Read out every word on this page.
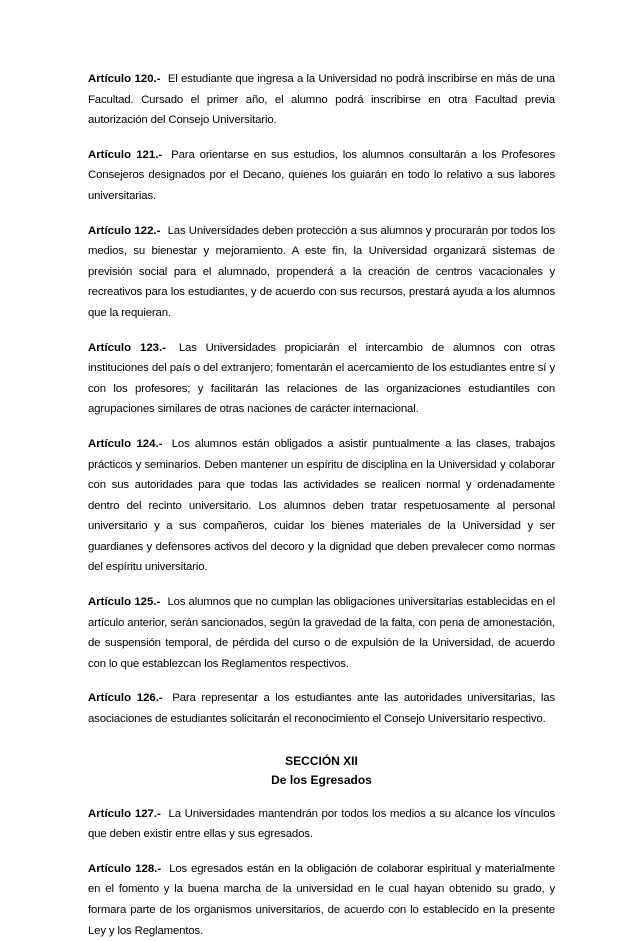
Artículo 120.- El estudiante que ingresa a la Universidad no podrá inscribirse en más de una Facultad. Cursado el primer año, el alumno podrá inscribirse en otra Facultad previa autorización del Consejo Universitario.

Artículo 121.- Para orientarse en sus estudios, los alumnos consultarán a los Profesores Consejeros designados por el Decano, quienes los guiarán en todo lo relativo a sus labores universitarias.

Artículo 122.- Las Universidades deben protección a sus alumnos y procurarán por todos los medios, su bienestar y mejoramiento. A este fin, la Universidad organizará sistemas de previsión social para el alumnado, propenderá a la creación de centros vacacionales y recreativos para los estudiantes, y de acuerdo con sus recursos, prestará ayuda a los alumnos que la requieran.

Artículo 123.- Las Universidades propiciarán el intercambio de alumnos con otras instituciones del país o del extranjero; fomentarán el acercamiento de los estudiantes entre sí y con los profesores; y facilitarán las relaciones de las organizaciones estudiantiles con agrupaciones similares de otras naciones de carácter internacional.

Artículo 124.- Los alumnos están obligados a asistir puntualmente a las clases, trabajos prácticos y seminarios. Deben mantener un espíritu de disciplina en la Universidad y colaborar con sus autoridades para que todas las actividades se realicen normal y ordenadamente dentro del recinto universitario. Los alumnos deben tratar respetuosamente al personal universitario y a sus compañeros, cuidar los bienes materiales de la Universidad y ser guardianes y defensores activos del decoro y la dignidad que deben prevalecer como normas del espíritu universitario.

Artículo 125.- Los alumnos que no cumplan las obligaciones universitarias establecidas en el artículo anterior, serán sancionados, según la gravedad de la falta, con pena de amonestación, de suspensión temporal, de pérdida del curso o de expulsión de la Universidad, de acuerdo con lo que establezcan los Reglamentos respectivos.

Artículo 126.- Para representar a los estudiantes ante las autoridades universitarias, las asociaciones de estudiantes solicitarán el reconocimiento el Consejo Universitario respectivo.

SECCIÓN XII
De los Egresados

Artículo 127.- La Universidades mantendrán por todos los medios a su alcance los vínculos que deben existir entre ellas y sus egresados.

Artículo 128.- Los egresados están en la obligación de colaborar espiritual y materialmente en el fomento y la buena marcha de la universidad en le cual hayan obtenido su grado, y formara parte de los organismos universitarios, de acuerdo con lo establecido en la presente Ley y los Reglamentos.
